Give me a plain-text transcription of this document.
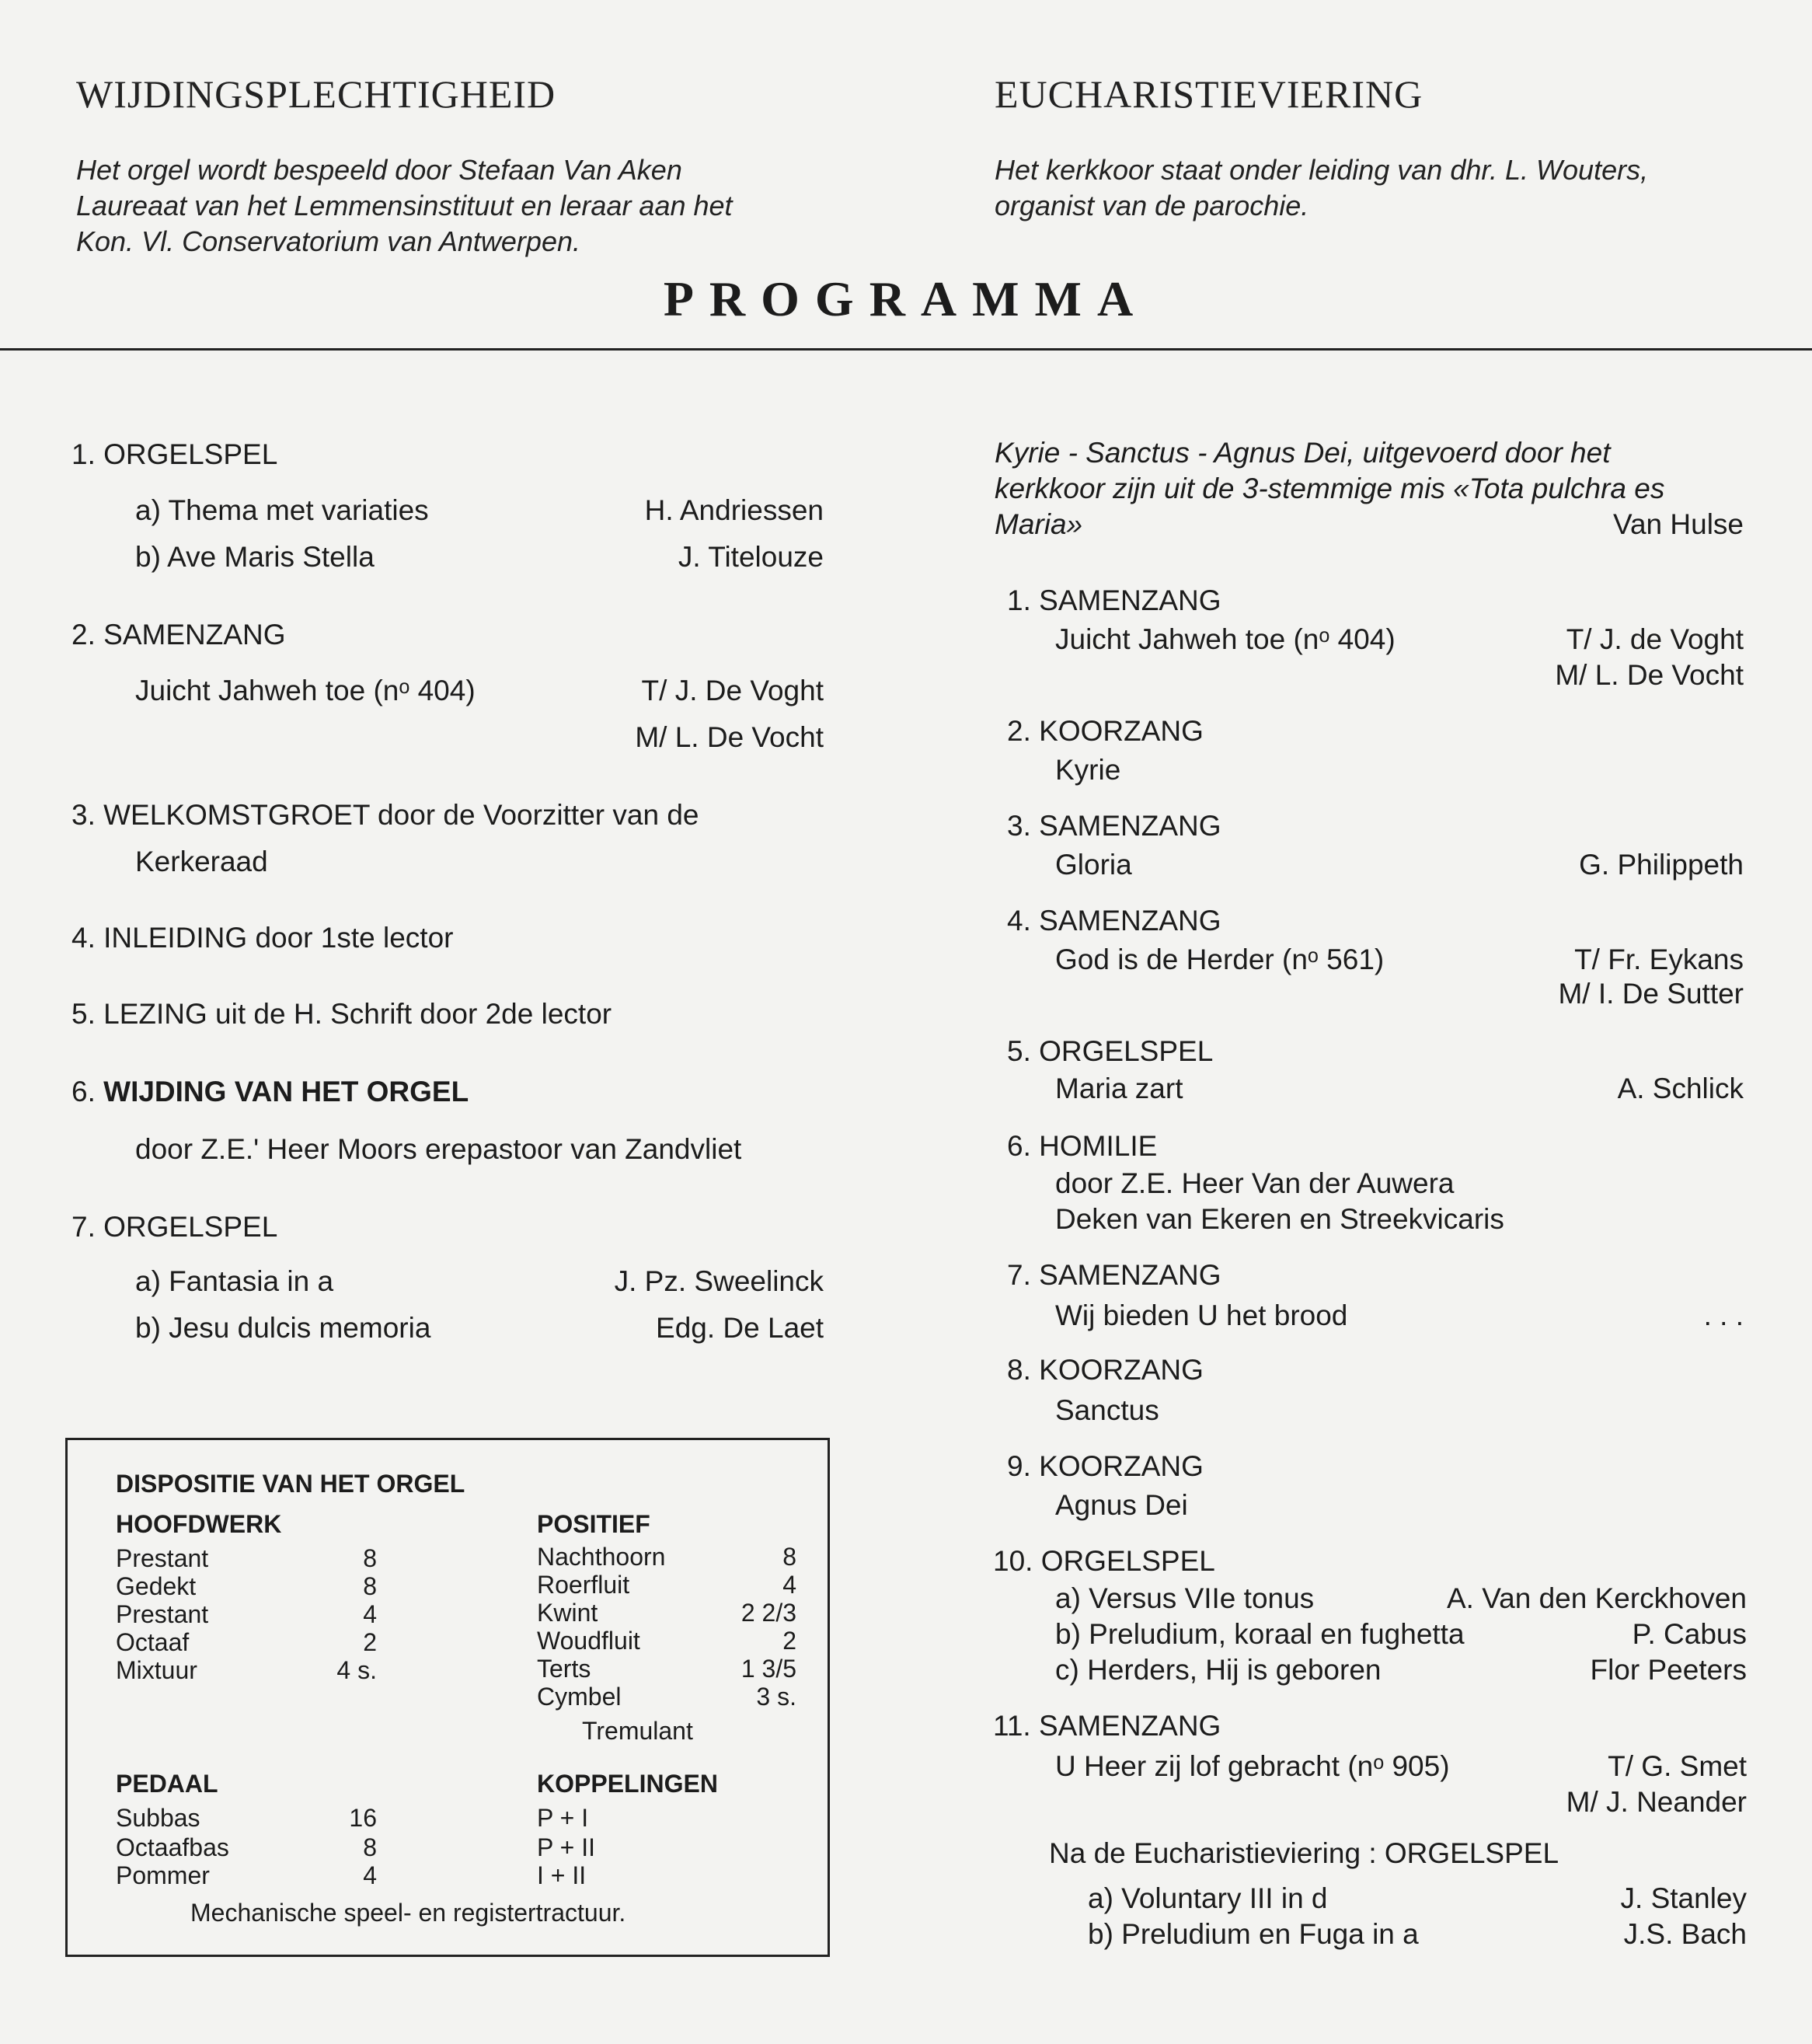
WIJDINGSPLECHTIGHEID	EUCHARISTIEVIERING
Het orgel wordt bespeeld door Stefaan Van Aken
Laureaat van het Lemmensinstituut en leraar aan het
Kon. Vl. Conservatorium van Antwerpen.
Het kerkkoor staat onder leiding van dhr. L. Wouters,
organist van de parochie.
PROGRAMMA
1. ORGELSPEL
a) Thema met variaties	H. Andriessen
b) Ave Maris Stella	J. Titelouze
2. SAMENZANG
Juicht Jahweh toe (nᵒ 404)	T/ J. De Voght
M/ L. De Vocht
3. WELKOMSTGROET door de Voorzitter van de
Kerkeraad
4. INLEIDING door 1ste lector
5. LEZING uit de H. Schrift door 2de lector
6. WIJDING VAN HET ORGEL
door Z.E.' Heer Moors erepastoor van Zandvliet
7. ORGELSPEL
a) Fantasia in a	J. Pz. Sweelinck
b) Jesu dulcis memoria	Edg. De Laet
DISPOSITIE VAN HET ORGEL
HOOFDWERK
Prestant	8
Gedekt	8
Prestant	4
Octaaf	2
Mixtuur	4 s.
POSITIEF
Nachthoorn	8
Roerfluit	4
Kwint	2 2/3
Woudfluit	2
Terts	1 3/5
Cymbel	3 s.
Tremulant
PEDAAL
Subbas	16
Octaafbas	8
Pommer	4
KOPPELINGEN
P + I
P + II
I + II
Mechanische speel- en registertractuur.
Kyrie - Sanctus - Agnus Dei, uitgevoerd door het
kerkkoor zijn uit de 3-stemmige mis «Tota pulchra es
Maria»	Van Hulse
1. SAMENZANG
Juicht Jahweh toe (nᵒ 404)	T/ J. de Voght
M/ L. De Vocht
2. KOORZANG
Kyrie
3. SAMENZANG
Gloria	G. Philippeth
4. SAMENZANG
God is de Herder (nᵒ 561)	T/ Fr. Eykans
M/ I. De Sutter
5. ORGELSPEL
Maria zart	A. Schlick
6. HOMILIE
door Z.E. Heer Van der Auwera
Deken van Ekeren en Streekvicaris
7. SAMENZANG
Wij bieden U het brood	. . .
8. KOORZANG
Sanctus
9. KOORZANG
Agnus Dei
10. ORGELSPEL
a) Versus VIIe tonus	A. Van den Kerckhoven
b) Preludium, koraal en fughetta	P. Cabus
c) Herders, Hij is geboren	Flor Peeters
11. SAMENZANG
U Heer zij lof gebracht (nᵒ 905)	T/ G. Smet
M/ J. Neander
Na de Eucharistieviering : ORGELSPEL
a) Voluntary III in d	J. Stanley
b) Preludium en Fuga in a	J.S. Bach
